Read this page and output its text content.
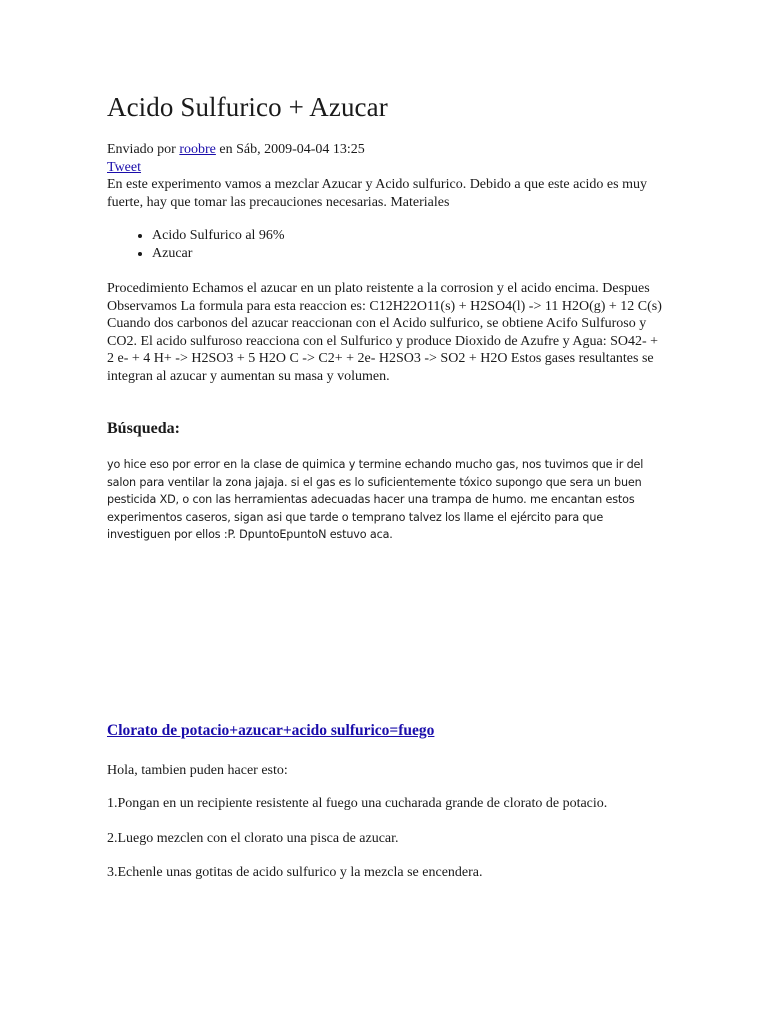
Acido Sulfurico + Azucar
Enviado por roobre en Sáb, 2009-04-04 13:25
Tweet

En este experimento vamos a mezclar Azucar y Acido sulfurico. Debido a que este acido es muy fuerte, hay que tomar las precauciones necesarias. Materiales

• Acido Sulfurico al 96%
• Azucar

Procedimiento Echamos el azucar en un plato reistente a la corrosion y el acido encima. Despues Observamos La formula para esta reaccion es: C12H22O11(s) + H2SO4(l) -> 11 H2O(g) + 12 C(s) Cuando dos carbonos del azucar reaccionan con el Acido sulfurico, se obtiene Acifo Sulfuroso y CO2. El acido sulfuroso reacciona con el Sulfurico y produce Dioxido de Azufre y Agua: SO42- + 2 e- + 4 H+ -> H2SO3 + 5 H2O C -> C2+ + 2e- H2SO3 -> SO2 + H2O Estos gases resultantes se integran al azucar y aumentan su masa y volumen.

Búsqueda:

yo hice eso por error en la clase de quimica y termine echando mucho gas, nos tuvimos que ir del salon para ventilar la zona jajaja. si el gas es lo suficientemente tóxico supongo que sera un buen pesticida XD, o con las herramientas adecuadas hacer una trampa de humo. me encantan estos experimentos caseros, sigan asi que tarde o temprano talvez los llame el ejército para que investiguen por ellos :P. DpuntoEpuntoN estuvo aca.

Clorato de potacio+azucar+acido sulfurico=fuego

Hola, tambien puden hacer esto:

1.Pongan en un recipiente resistente al fuego una cucharada grande de clorato de potacio.

2.Luego mezclen con el clorato una pisca de azucar.

3.Echenle unas gotitas de acido sulfurico y la mezcla se encendera.
